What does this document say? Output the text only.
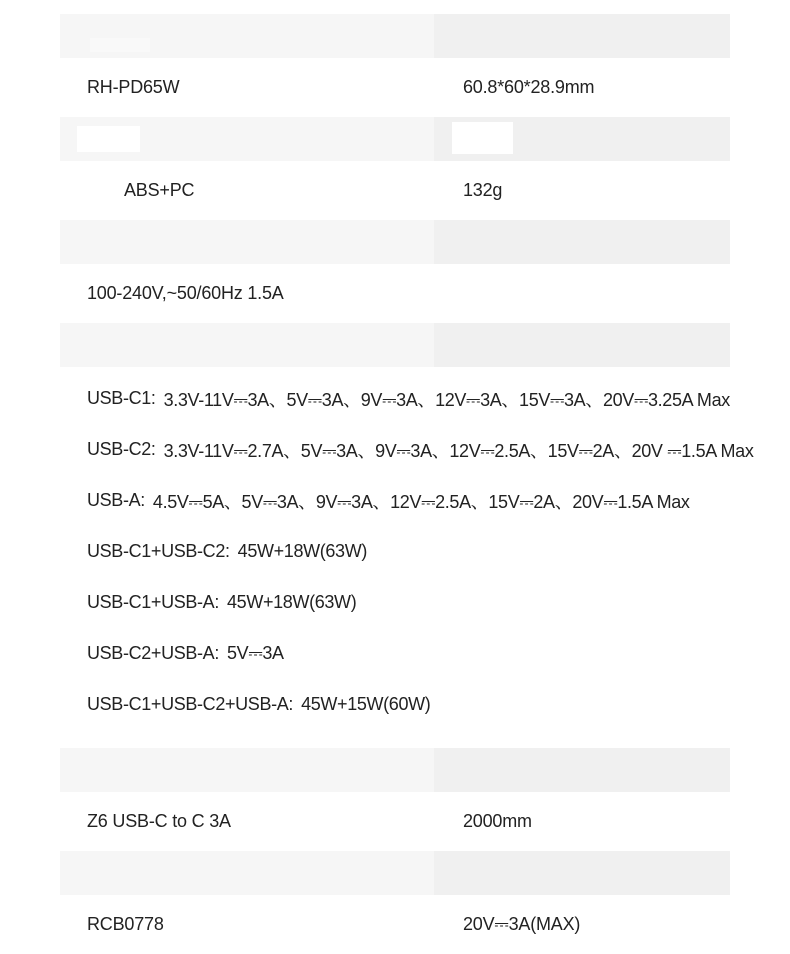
RH-PD65W	60.8*60*28.9mm
ABS+PC	132g
100-240V,~50/60Hz 1.5A
USB-C1: 3.3V-11V⎓3A、5V⎓3A、9V⎓3A、12V⎓3A、15V⎓3A、20V⎓3.25A Max
USB-C2: 3.3V-11V⎓2.7A、5V⎓3A、9V⎓3A、12V⎓2.5A、15V⎓2A、20V ⎓1.5A Max
USB-A: 4.5V⎓5A、5V⎓3A、9V⎓3A、12V⎓2.5A、15V⎓2A、20V⎓1.5A Max
USB-C1+USB-C2: 45W+18W(63W)
USB-C1+USB-A: 45W+18W(63W)
USB-C2+USB-A: 5V⎓3A
USB-C1+USB-C2+USB-A: 45W+15W(60W)
Z6 USB-C to C 3A	2000mm
RCB0778	20V⎓3A(MAX)
